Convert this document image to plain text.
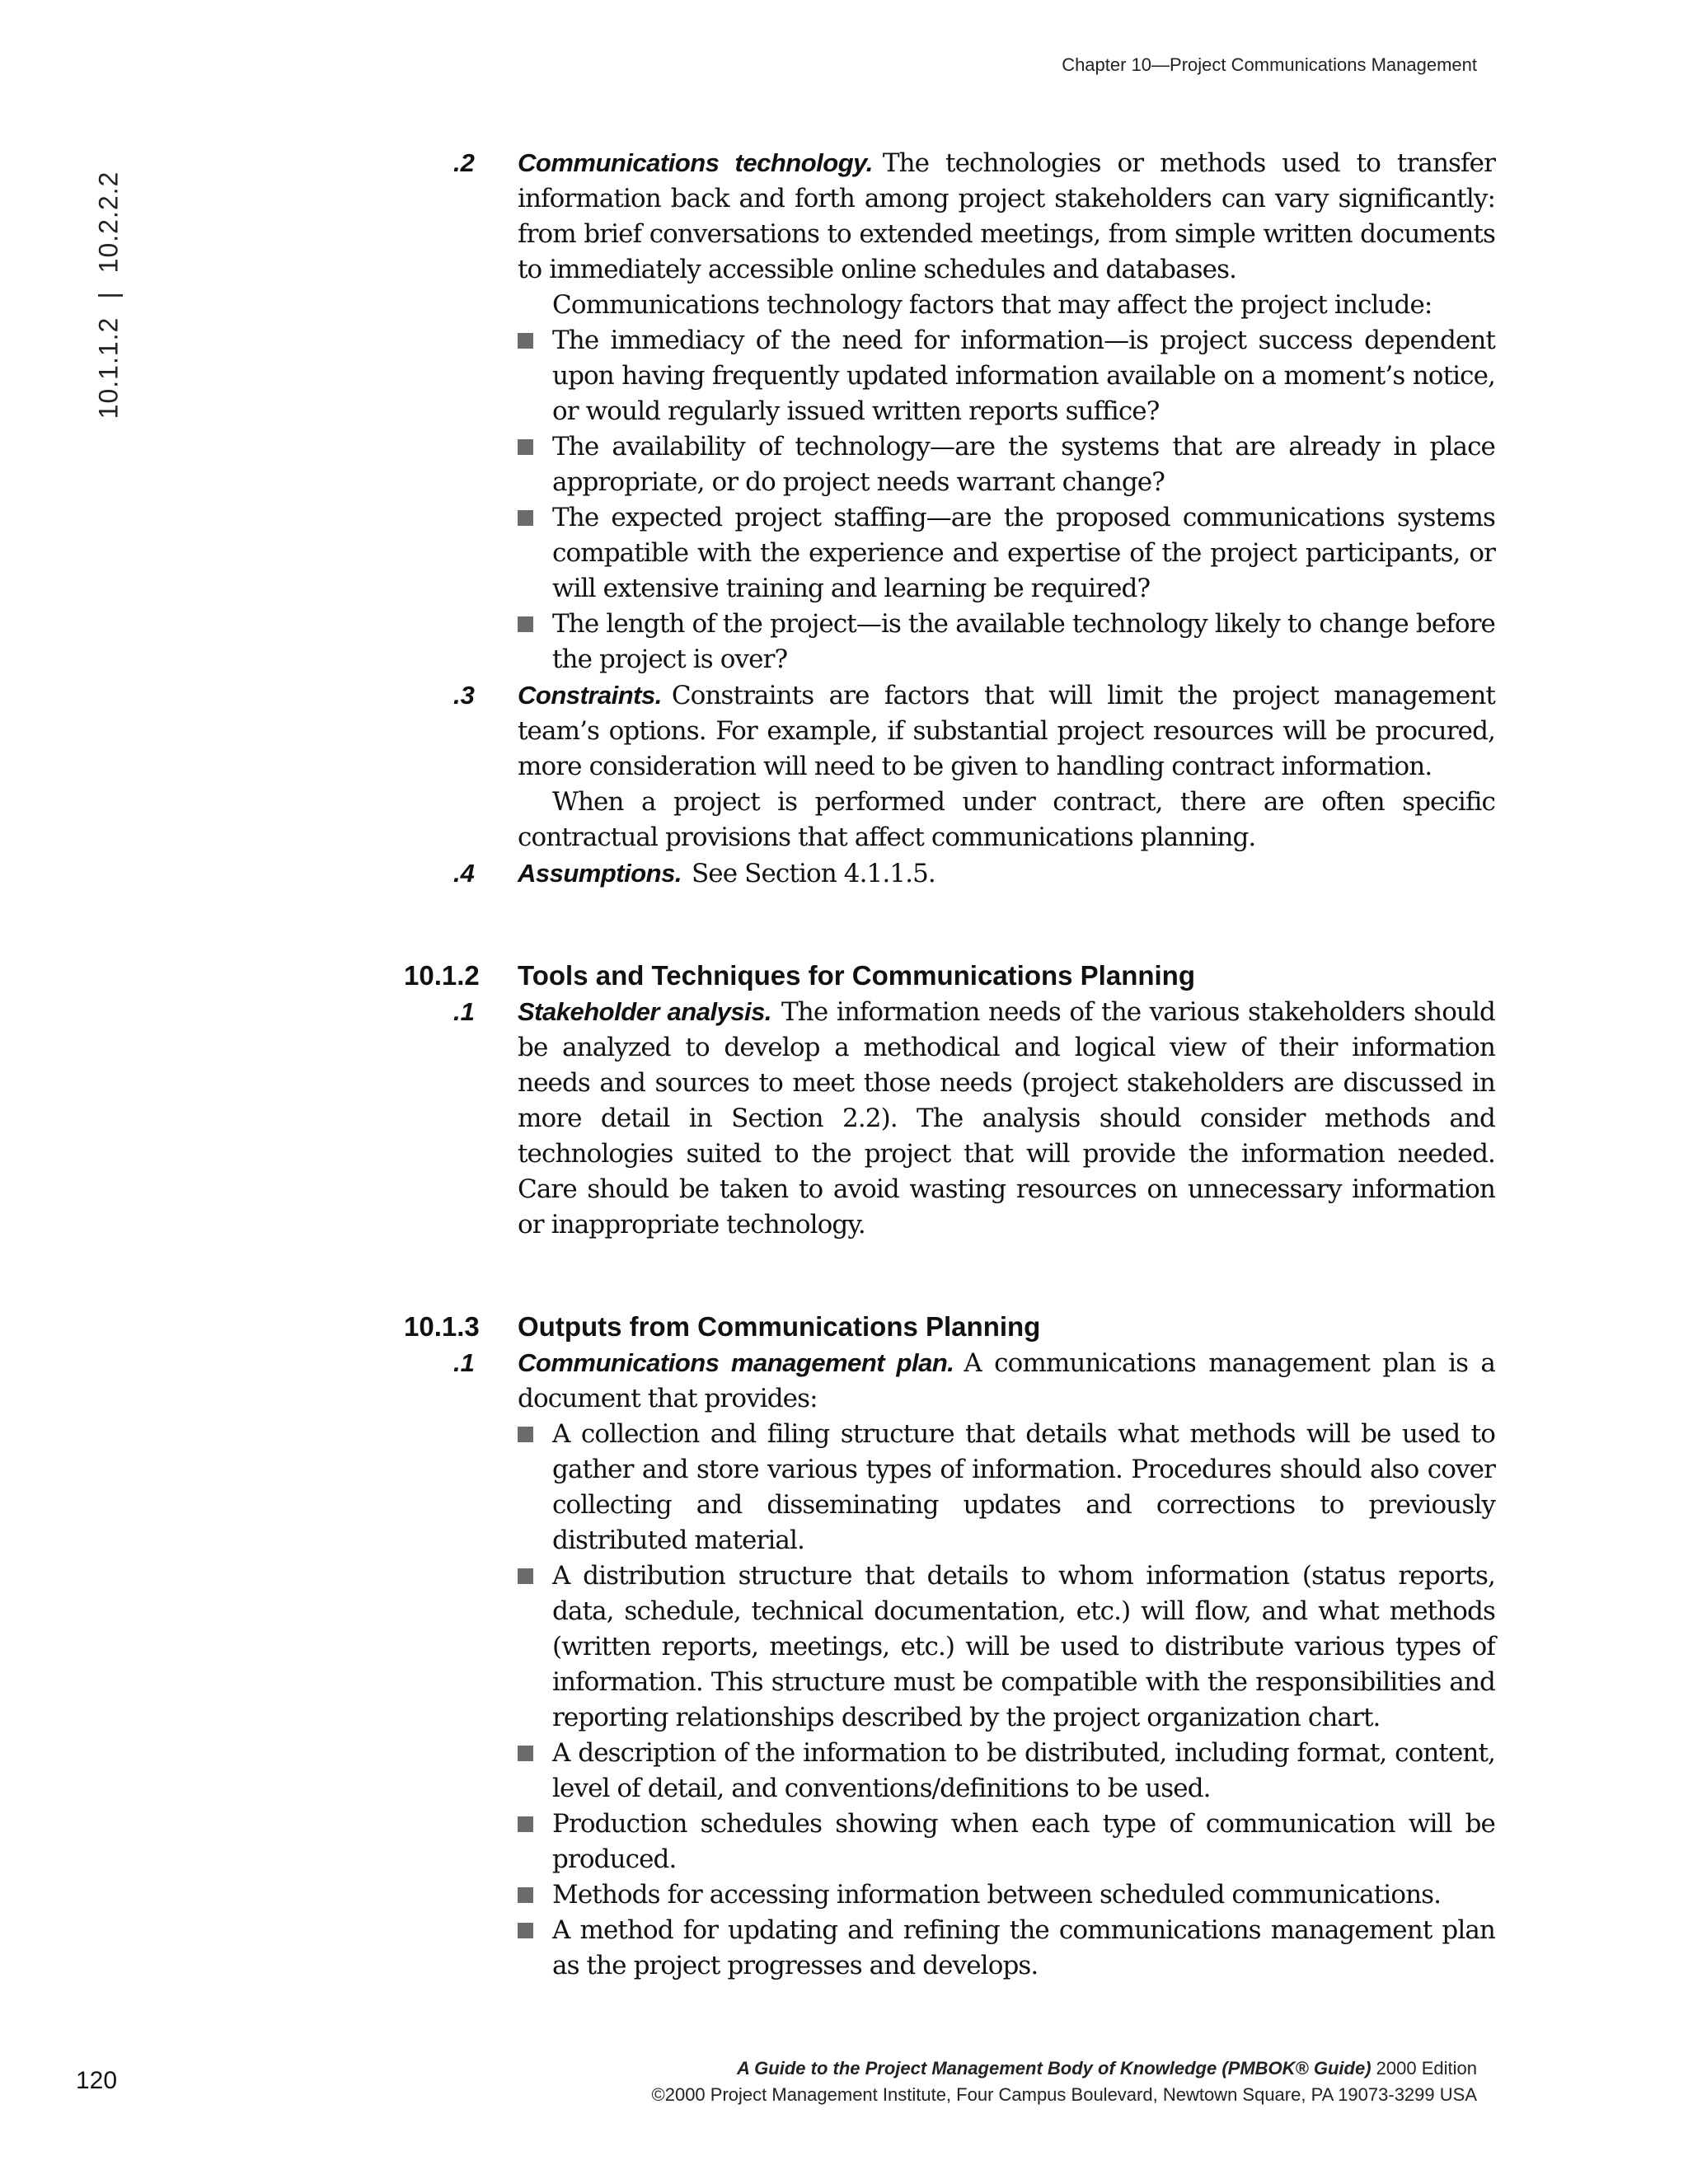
Chapter 10—Project Communications Management
10.1.1.2|10.2.2.2
.2 Communications technology. The technologies or methods used to transfer information back and forth among project stakeholders can vary significantly: from brief conversations to extended meetings, from simple written documents to immediately accessible online schedules and databases.
Communications technology factors that may affect the project include:
The immediacy of the need for information—is project success dependent upon having frequently updated information available on a moment’s notice, or would regularly issued written reports suffice?
The availability of technology—are the systems that are already in place appropriate, or do project needs warrant change?
The expected project staffing—are the proposed communications systems compatible with the experience and expertise of the project participants, or will extensive training and learning be required?
The length of the project—is the available technology likely to change before the project is over?
.3 Constraints. Constraints are factors that will limit the project management team’s options. For example, if substantial project resources will be procured, more consideration will need to be given to handling contract information.
When a project is performed under contract, there are often specific contractual provisions that affect communications planning.
.4 Assumptions. See Section 4.1.1.5.
10.1.2 Tools and Techniques for Communications Planning
.1 Stakeholder analysis. The information needs of the various stakeholders should be analyzed to develop a methodical and logical view of their information needs and sources to meet those needs (project stakeholders are discussed in more detail in Section 2.2). The analysis should consider methods and technologies suited to the project that will provide the information needed. Care should be taken to avoid wasting resources on unnecessary information or inappropriate technology.
10.1.3 Outputs from Communications Planning
.1 Communications management plan. A communications management plan is a document that provides:
A collection and filing structure that details what methods will be used to gather and store various types of information. Procedures should also cover collecting and disseminating updates and corrections to previously distributed material.
A distribution structure that details to whom information (status reports, data, schedule, technical documentation, etc.) will flow, and what methods (written reports, meetings, etc.) will be used to distribute various types of information. This structure must be compatible with the responsibilities and reporting relationships described by the project organization chart.
A description of the information to be distributed, including format, content, level of detail, and conventions/definitions to be used.
Production schedules showing when each type of communication will be produced.
Methods for accessing information between scheduled communications.
A method for updating and refining the communications management plan as the project progresses and develops.
120	A Guide to the Project Management Body of Knowledge (PMBOK® Guide) 2000 Edition
©2000 Project Management Institute, Four Campus Boulevard, Newtown Square, PA 19073-3299 USA
